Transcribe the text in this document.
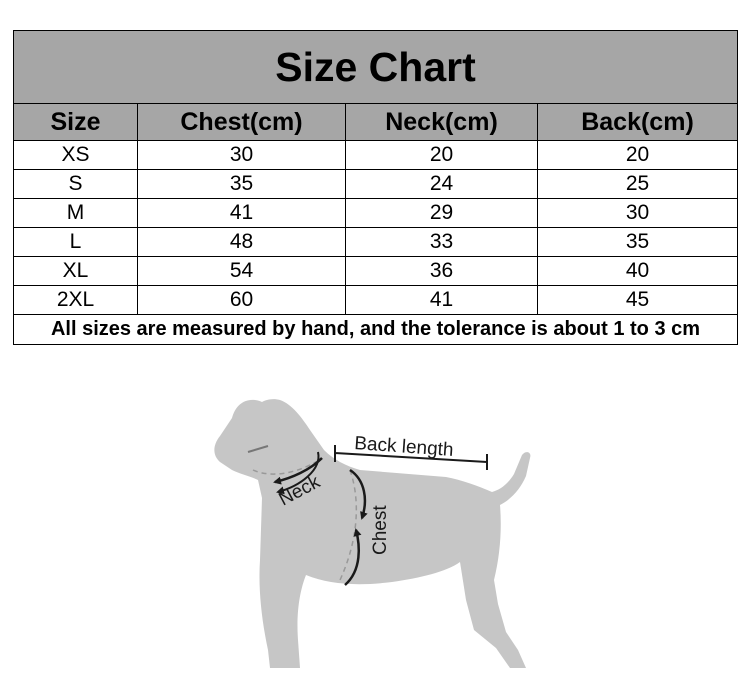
Size Chart			
Size	Chest(cm)	Neck(cm)	Back(cm)
XS	30	20	20
S	35	24	25
M	41	29	30
L	48	33	35
XL	54	36	40
2XL	60	41	45
All sizes are measured by hand, and the tolerance is about 1 to 3 cm			
Back length
Neck
Chest
